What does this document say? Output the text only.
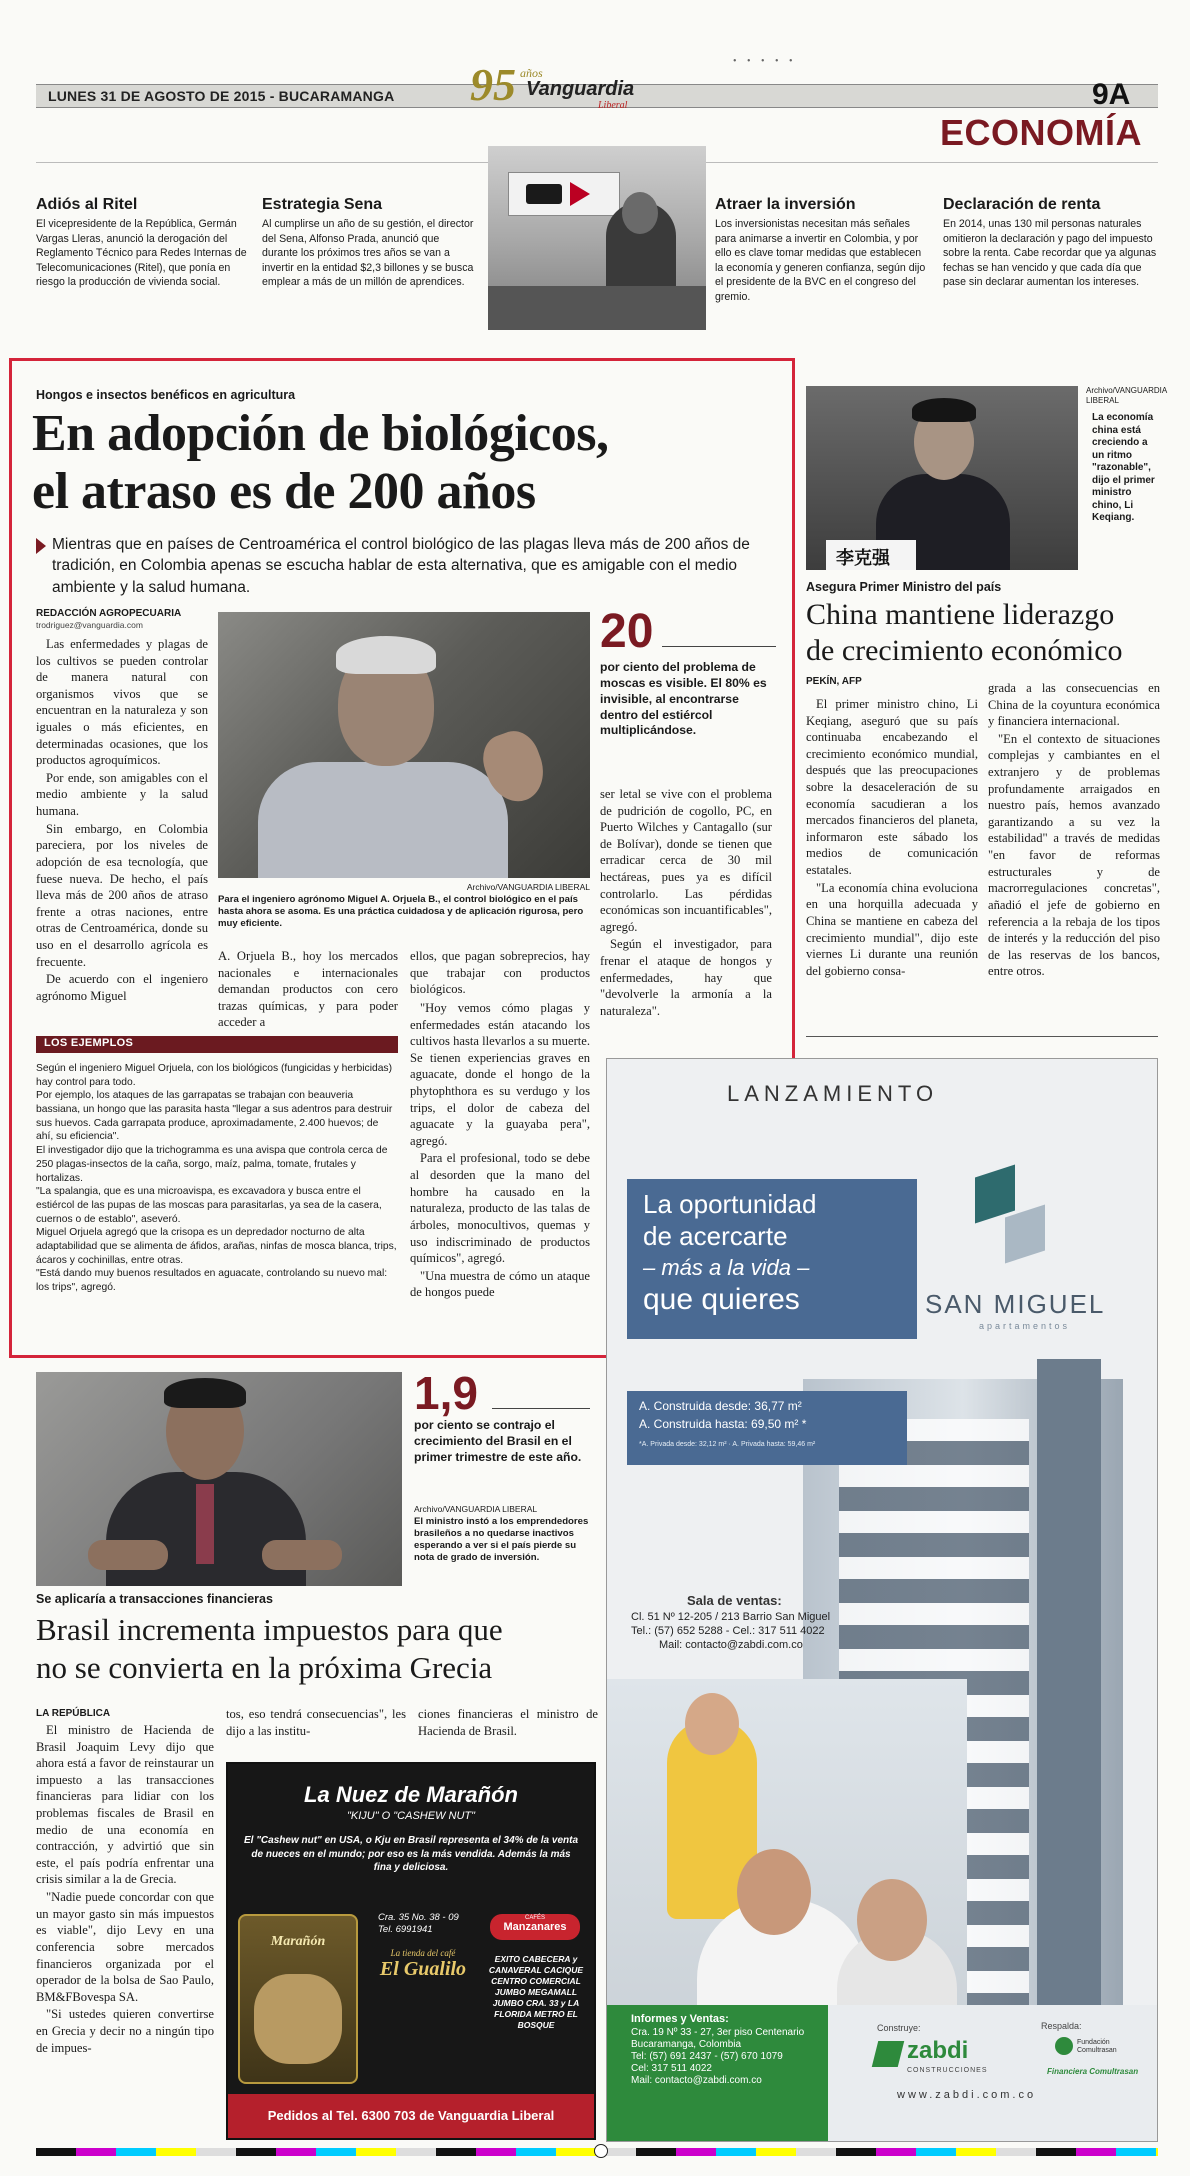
• • • • •
LUNES 31 DE AGOSTO DE 2015 - BUCARAMANGA 95 años
Vanguardia
Liberal	9A
ECONOMÍA
Adiós al Ritel
El vicepresidente de la República, Germán Vargas Lleras, anunció la derogación del Reglamento Técnico para Redes Internas de Telecomunicaciones (Ritel), que ponía en riesgo la producción de vivienda social.
Estrategia Sena
Al cumplirse un año de su gestión, el director del Sena, Alfonso Prada, anunció que durante los próximos tres años se van a invertir en la entidad $2,3 billones y se busca emplear a más de un millón de aprendices.
Atraer la inversión
Los inversionistas necesitan más señales para animarse a invertir en Colombia, y por ello es clave tomar medidas que establecen la economía y generen confianza, según dijo el presidente de la BVC en el congreso del gremio.
Declaración de renta
En 2014, unas 130 mil personas naturales omitieron la declaración y pago del impuesto sobre la renta. Cabe recordar que ya algunas fechas se han vencido y que cada día que pase sin declarar aumentan los intereses.
Hongos e insectos benéficos en agricultura
En adopción de biológicos,
el atraso es de 200 años
Mientras que en países de Centroamérica el control biológico de las plagas lleva más de 200 años de tradición, en Colombia apenas se escucha hablar de esta alternativa, que es amigable con el medio ambiente y la salud humana.
REDACCIÓN AGROPECUARIA
trodriguez@vanguardia.com

Las enfermedades y plagas de los cultivos se pueden controlar de manera natural con organismos vivos que se encuentran en la naturaleza y son iguales o más eficientes, en determinadas ocasiones, que los productos agroquímicos.

Por ende, son amigables con el medio ambiente y la salud humana.

Sin embargo, en Colombia pareciera, por los niveles de adopción de esa tecnología, que fuese nueva. De hecho, el país lleva más de 200 años de atraso frente a otras naciones, entre otras de Centroamérica, donde su uso en el desarrollo agrícola es frecuente.

De acuerdo con el ingeniero agrónomo Miguel

Archivo/VANGUARDIA LIBERAL
Para el ingeniero agrónomo Miguel A. Orjuela B., el control biológico en el país hasta ahora se asoma. Es una práctica cuidadosa y de aplicación rigurosa, pero muy eficiente.

A. Orjuela B., hoy los mercados nacionales e internacionales demandan productos con cero trazas químicas, y para poder acceder a

ellos, que pagan sobreprecios, hay que trabajar con productos biológicos.

20
por ciento del problema de moscas es visible. El 80% es invisible, al encontrarse dentro del estiércol multiplicándose.

ser letal se vive con el problema de pudrición de cogollo, PC, en Puerto Wilches y Cantagallo (sur de Bolívar), donde se tienen que erradicar cerca de 30 mil hectáreas, pues ya es difícil controlarlo. Las pérdidas económicas son incuantificables", agregó.

Según el investigador, para frenar el ataque de hongos y enfermedades, hay que "devolverle la armonía a la naturaleza".

LOS EJEMPLOS
Según el ingeniero Miguel Orjuela, con los biológicos (fungicidas y herbicidas) hay control para todo.
Por ejemplo, los ataques de las garrapatas se trabajan con beauveria bassiana, un hongo que las parasita hasta "llegar a sus adentros para destruir sus huevos. Cada garrapata produce, aproximadamente, 2.400 huevos; de ahí, su eficiencia".
El investigador dijo que la trichogramma es una avispa que controla cerca de 250 plagas-insectos de la caña, sorgo, maíz, palma, tomate, frutales y hortalizas.
"La spalangia, que es una microavispa, es excavadora y busca entre el estiércol de las pupas de las moscas para parasitarlas, ya sea de la casera, cuernos o de establo", aseveró.
Miguel Orjuela agregó que la crisopa es un depredador nocturno de alta adaptabilidad que se alimenta de áfidos, arañas, ninfas de mosca blanca, trips, ácaros y cochinillas, entre otras.
"Está dando muy buenos resultados en aguacate, controlando su nuevo mal: los trips", agregó.

"Hoy vemos cómo plagas y enfermedades están atacando los cultivos hasta llevarlos a su muerte. Se tienen experiencias graves en aguacate, donde el hongo de la phytophthora es su verdugo y los trips, el dolor de cabeza del aguacate y la guayaba pera", agregó.

Para el profesional, todo se debe al desorden que la mano del hombre ha causado en la naturaleza, producto de las talas de árboles, monocultivos, quemas y uso indiscriminado de productos químicos", agregó.

"Una muestra de cómo un ataque de hongos puede

李克强
Archivo/VANGUARDIA LIBERAL
La economía china está creciendo a un ritmo "razonable", dijo el primer ministro chino, Li Keqiang.
Asegura Primer Ministro del país
China mantiene liderazgo
de crecimiento económico
PEKÍN, AFP

El primer ministro chino, Li Keqiang, aseguró que su país continuaba encabezando el crecimiento económico mundial, después que las preocupaciones sobre la desaceleración de su economía sacudieran a los mercados financieros del planeta, informaron este sábado los medios de comunicación estatales.

"La economía china evoluciona en una horquilla adecuada y China se mantiene en cabeza del crecimiento mundial", dijo este viernes Li durante una reunión del gobierno consa-

grada a las consecuencias en China de la coyuntura económica y financiera internacional.

"En el contexto de situaciones complejas y cambiantes en el extranjero y de problemas profundamente arraigados en nuestro país, hemos avanzado garantizando a su vez la estabilidad" a través de medidas "en favor de reformas estructurales y de macrorregulaciones concretas", añadió el jefe de gobierno en referencia a la rebaja de los tipos de interés y la reducción del piso de las reservas de los bancos, entre otros.

1,9
por ciento se contrajo el crecimiento del Brasil en el primer trimestre de este año.
Archivo/VANGUARDIA LIBERAL
El ministro instó a los emprendedores brasileños a no quedarse inactivos esperando a ver si el país pierde su nota de grado de inversión.
Se aplicaría a transacciones financieras
Brasil incrementa impuestos para que
no se convierta en la próxima Grecia
LA REPÚBLICA

El ministro de Hacienda de Brasil Joaquim Levy dijo que ahora está a favor de reinstaurar un impuesto a las transacciones financieras para lidiar con los problemas fiscales de Brasil en medio de una economía en contracción, y advirtió que sin este, el país podría enfrentar una crisis similar a la de Grecia.

"Nadie puede concordar con que un mayor gasto sin más impuestos es viable", dijo Levy en una conferencia sobre mercados financieros organizada por el operador de la bolsa de Sao Paulo, BM&FBovespa SA.

"Si ustedes quieren convertirse en Grecia y decir no a ningún tipo de impues-

tos, eso tendrá consecuencias", les dijo a las institu-

ciones financieras el ministro de Hacienda de Brasil.

La Nuez de Marañón
"KIJU" O "CASHEW NUT"
El "Cashew nut" en USA, o Kju en Brasil representa el 34% de la venta de nueces en el mundo; por eso es la más vendida. Además la más fina y deliciosa.
Marañón
Cra. 35 No. 38 - 09
Tel. 6991941
La tienda del café
El Gualilo
CAFÉS
Manzanares
EXITO CABECERA y CANAVERAL CACIQUE CENTRO COMERCIAL JUMBO MEGAMALL JUMBO CRA. 33 y LA FLORIDA METRO EL BOSQUE
Pedidos al Tel. 6300 703 de Vanguardia Liberal
LANZAMIENTO
La oportunidad
de acercarte
– más a la vida –
que quieres	SAN MIGUEL
apartamentos
A. Construida desde: 36,77 m²
A. Construida hasta: 69,50 m² *
*A. Privada desde: 32,12 m² · A. Privada hasta: 59,46 m²
Sala de ventas:
Cl. 51 Nº 12-205 / 213 Barrio San Miguel
Tel.: (57) 652 5288 - Cel.: 317 511 4022
Mail: contacto@zabdi.com.co
Informes y Ventas:
Cra. 19 Nº 33 - 27, 3er piso Centenario
Bucaramanga, Colombia
Tel: (57) 691 2437 - (57) 670 1079
Cel: 317 511 4022
Mail: contacto@zabdi.com.co
Construye:
zabdi
CONSTRUCCIONES
www.zabdi.com.co
Respalda:
Fundación Comultrasan
Financiera Comultrasan
